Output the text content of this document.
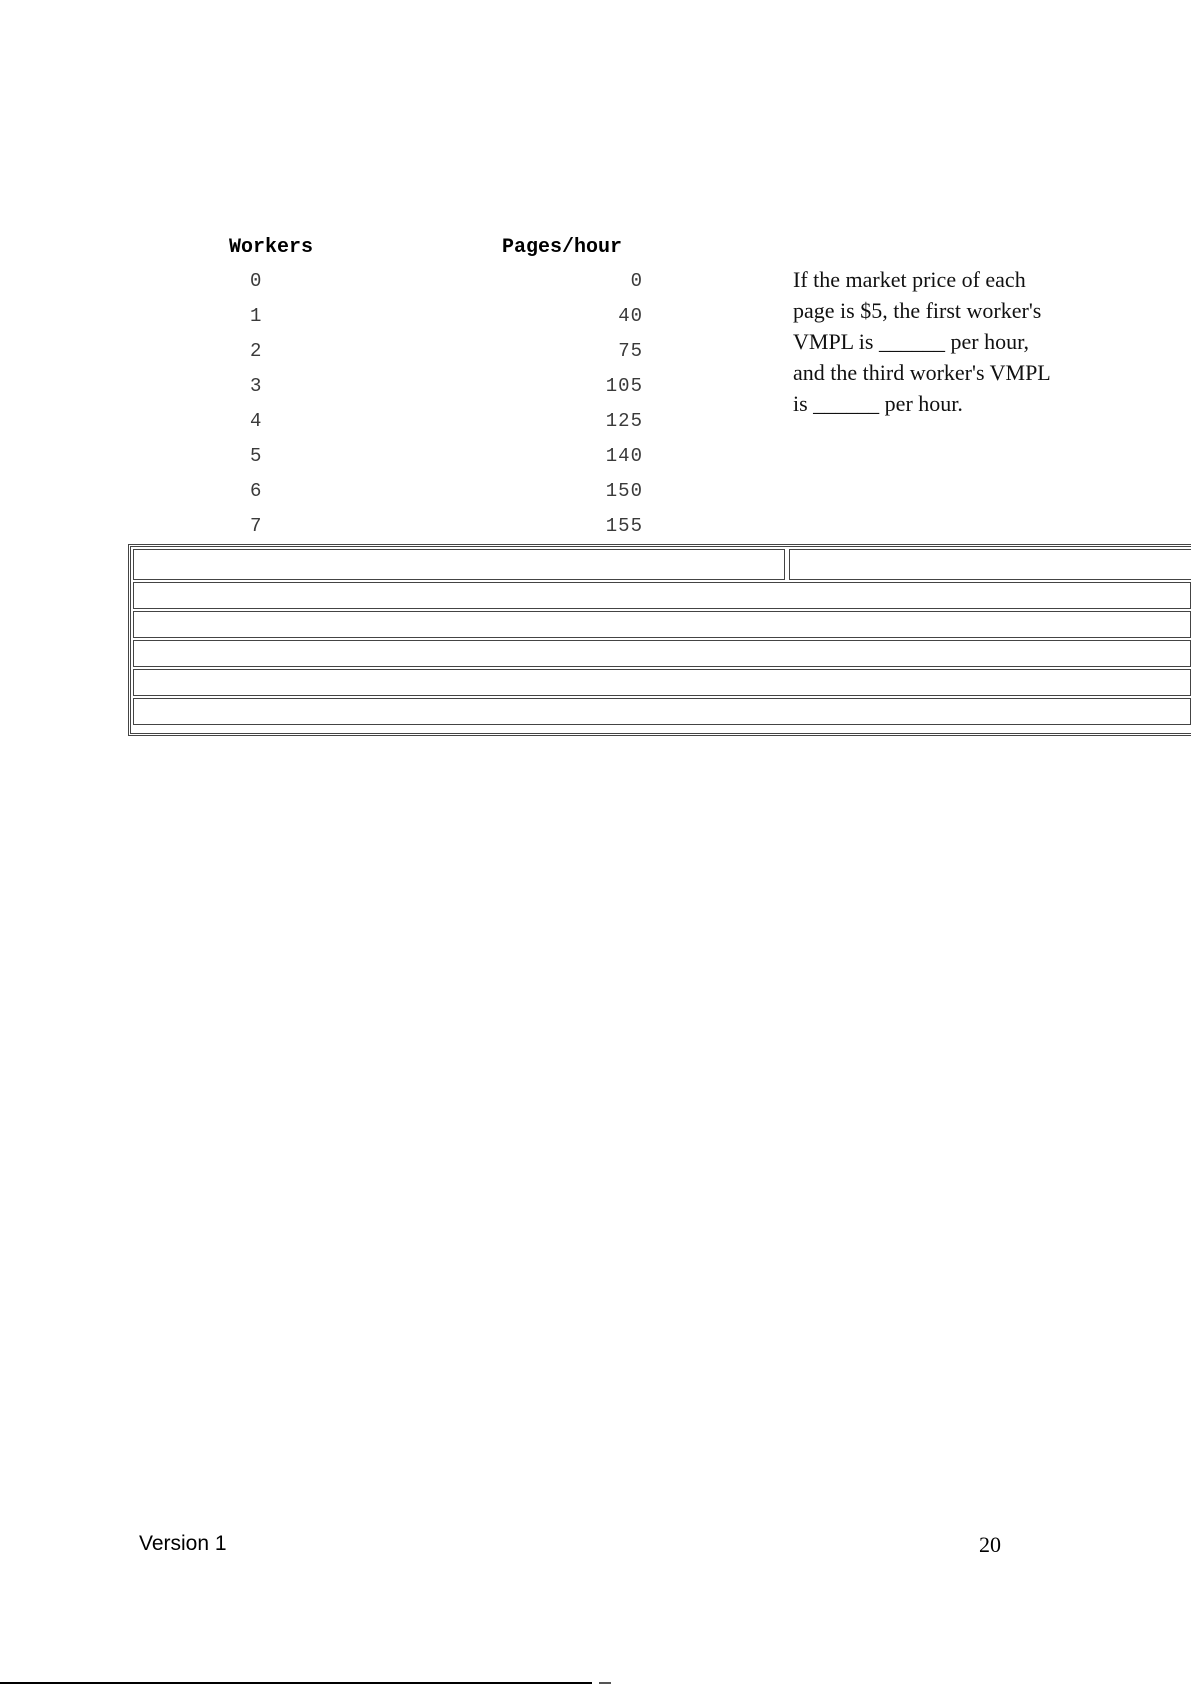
Workers	Pages/hour
0	0
1	40
2	75
3	105
4	125
5	140
6	150
7	155
If the market price of each page is $5, the first worker's VMPL is ______ per hour, and the third worker's VMPL is ______ per hour.
Version 1	20
